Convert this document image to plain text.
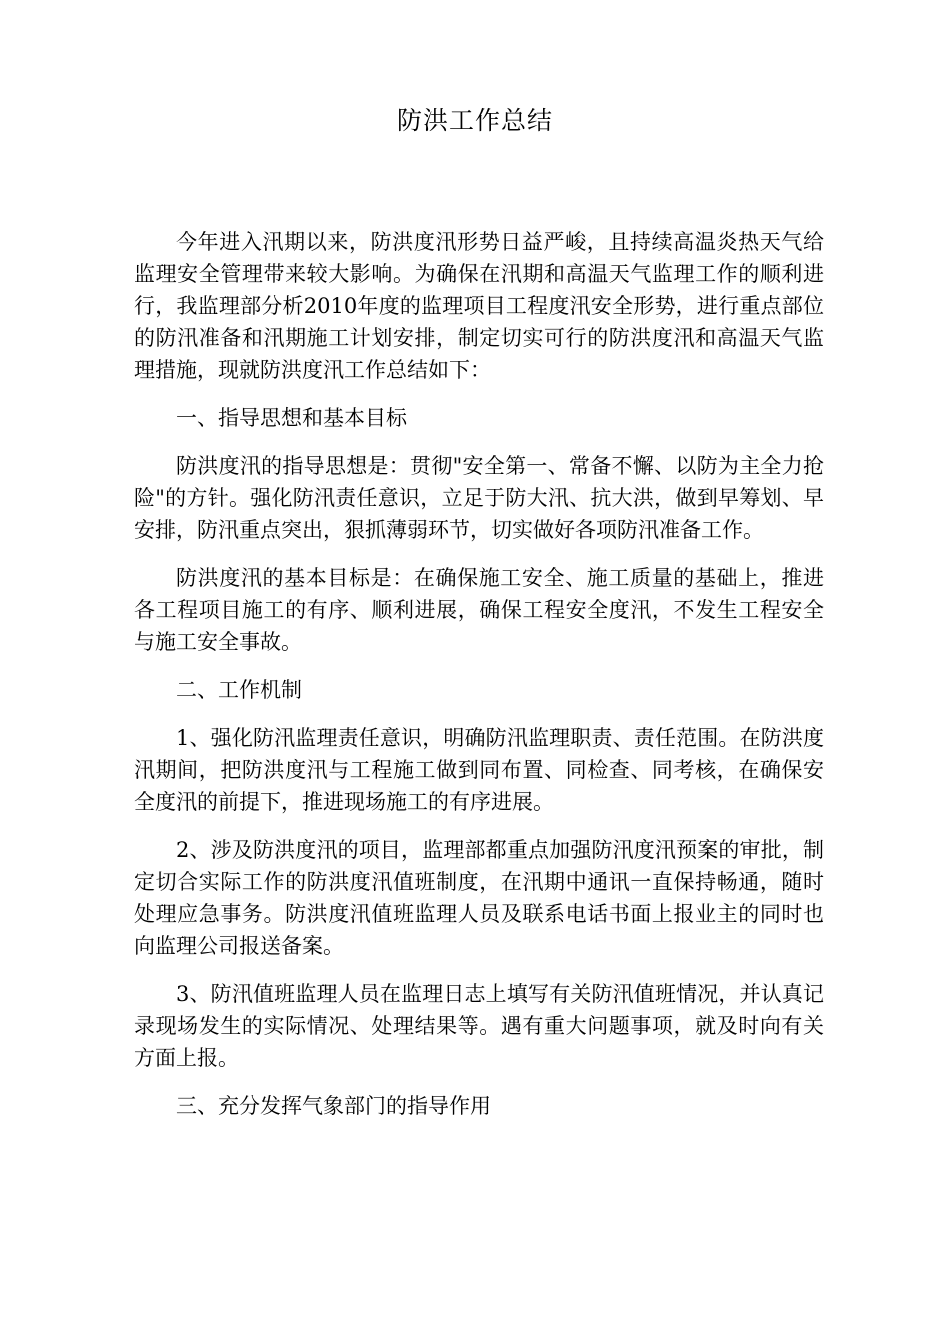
防洪工作总结

今年进入汛期以来，防洪度汛形势日益严峻，且持续高温炎热天气给监理安全管理带来较大影响。为确保在汛期和高温天气监理工作的顺利进行，我监理部分析2010年度的监理项目工程度汛安全形势，进行重点部位的防汛准备和汛期施工计划安排，制定切实可行的防洪度汛和高温天气监理措施，现就防洪度汛工作总结如下：

一、指导思想和基本目标

防洪度汛的指导思想是：贯彻"安全第一、常备不懈、以防为主全力抢险"的方针。强化防汛责任意识，立足于防大汛、抗大洪，做到早筹划、早安排，防汛重点突出，狠抓薄弱环节，切实做好各项防汛准备工作。

防洪度汛的基本目标是：在确保施工安全、施工质量的基础上，推进各工程项目施工的有序、顺利进展，确保工程安全度汛，不发生工程安全与施工安全事故。

二、工作机制

1、强化防汛监理责任意识，明确防汛监理职责、责任范围。在防洪度汛期间，把防洪度汛与工程施工做到同布置、同检查、同考核，在确保安全度汛的前提下，推进现场施工的有序进展。

2、涉及防洪度汛的项目，监理部都重点加强防汛度汛预案的审批，制定切合实际工作的防洪度汛值班制度，在汛期中通讯一直保持畅通，随时处理应急事务。防洪度汛值班监理人员及联系电话书面上报业主的同时也向监理公司报送备案。

3、防汛值班监理人员在监理日志上填写有关防汛值班情况，并认真记录现场发生的实际情况、处理结果等。遇有重大问题事项，就及时向有关方面上报。

三、充分发挥气象部门的指导作用
